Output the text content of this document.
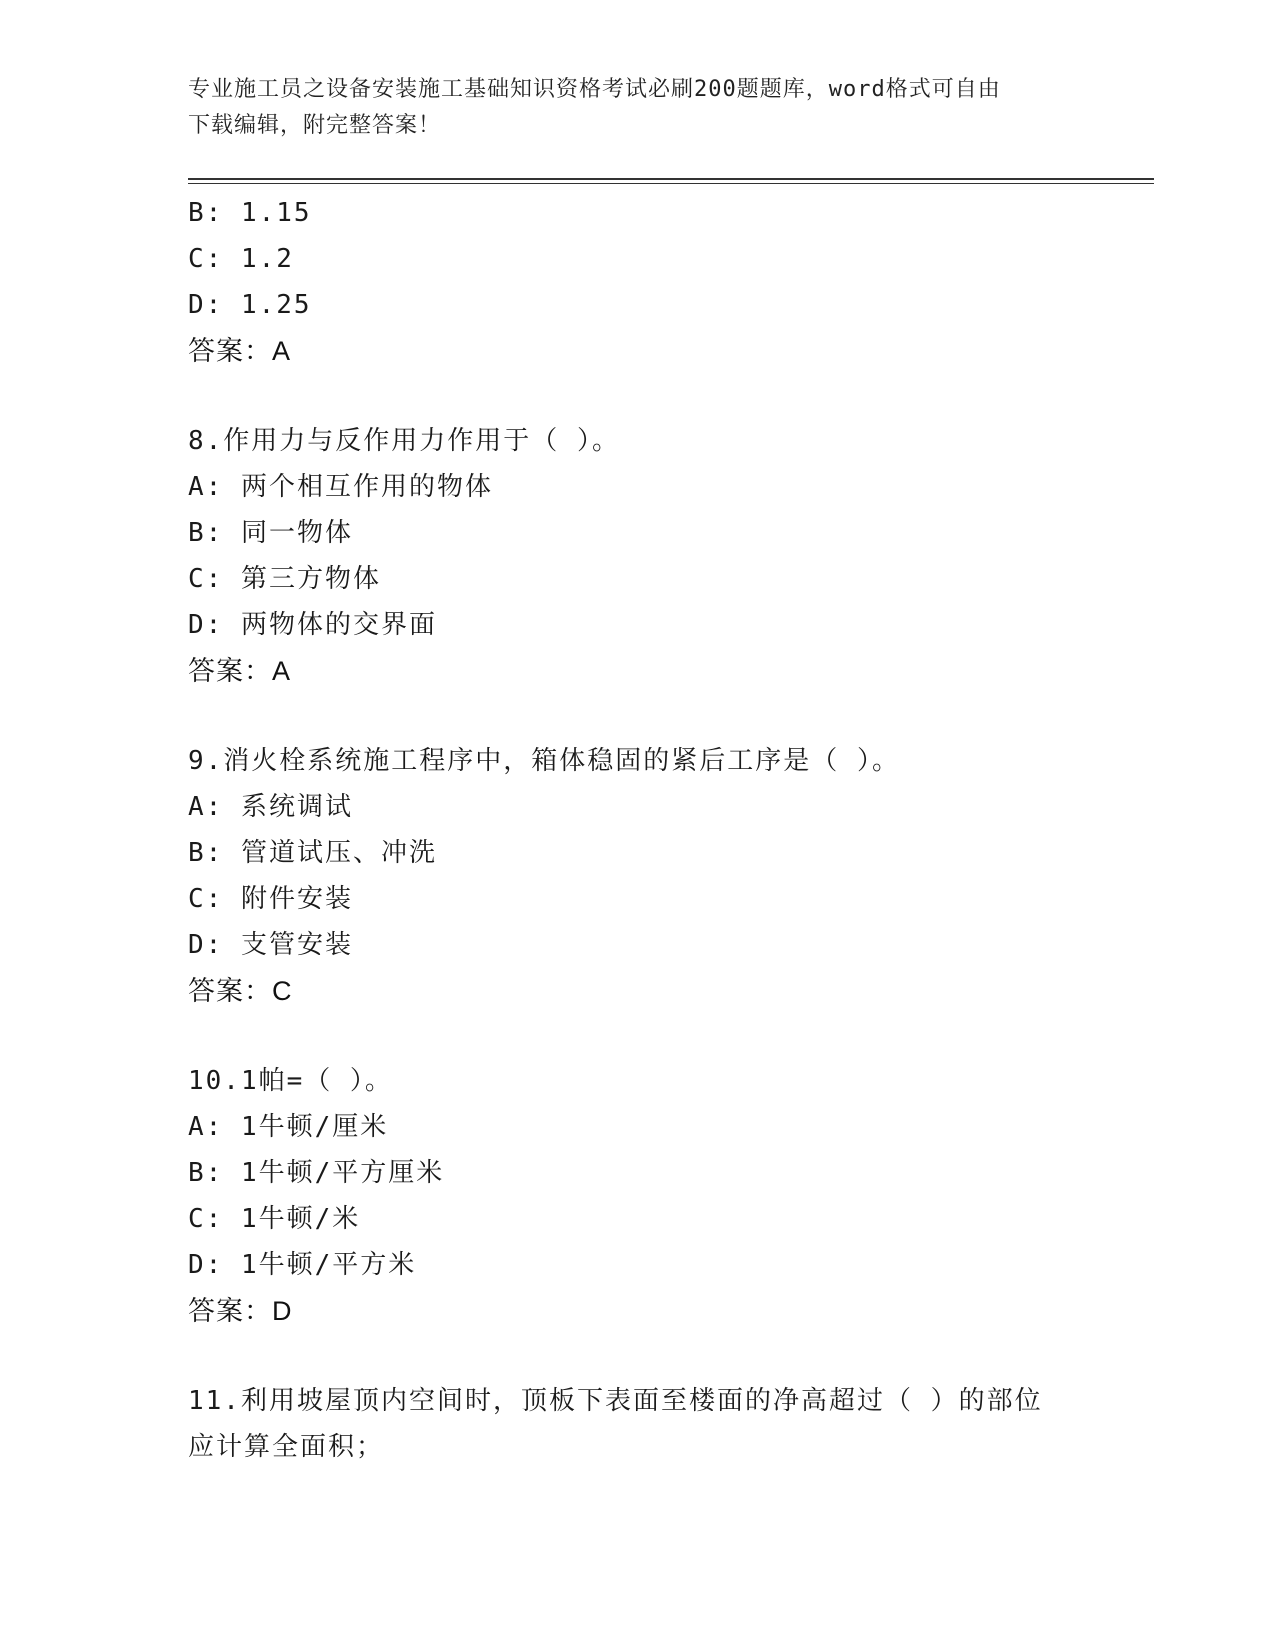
专业施工员之设备安装施工基础知识资格考试必刷200题题库，word格式可自由
下载编辑，附完整答案！
B: 1.15
C: 1.2
D: 1.25
答案：A
8.作用力与反作用力作用于（ ）。
A: 两个相互作用的物体
B: 同一物体
C: 第三方物体
D: 两物体的交界面
答案：A
9.消火栓系统施工程序中，箱体稳固的紧后工序是（ ）。
A: 系统调试
B: 管道试压、冲洗
C: 附件安装
D: 支管安装
答案：C
10.1帕=（ ）。
A: 1牛顿/厘米
B: 1牛顿/平方厘米
C: 1牛顿/米
D: 1牛顿/平方米
答案：D
11.利用坡屋顶内空间时，顶板下表面至楼面的净高超过（ ）的部位
应计算全面积；
